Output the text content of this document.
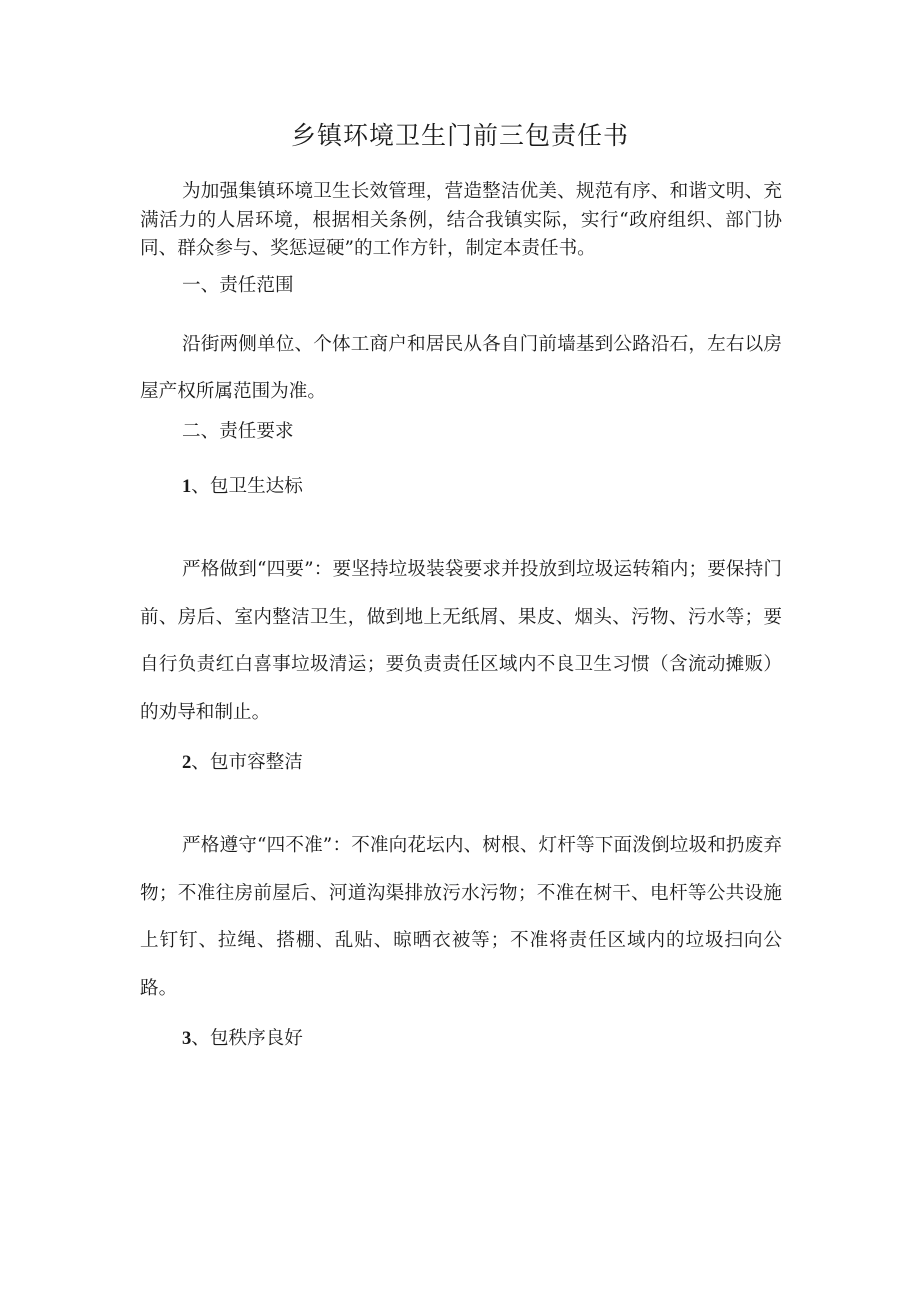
乡镇环境卫生门前三包责任书
为加强集镇环境卫生长效管理，营造整洁优美、规范有序、和谐文明、充满活力的人居环境，根据相关条例，结合我镇实际，实行“政府组织、部门协同、群众参与、奖惩逗硬”的工作方针，制定本责任书。
一、责任范围
沿街两侧单位、个体工商户和居民从各自门前墙基到公路沿石，左右以房屋产权所属范围为准。
二、责任要求
1、包卫生达标
严格做到“四要”：要坚持垃圾装袋要求并投放到垃圾运转箱内；要保持门前、房后、室内整洁卫生，做到地上无纸屑、果皮、烟头、污物、污水等；要自行负责红白喜事垃圾清运；要负责责任区域内不良卫生习惯（含流动摊贩）的劝导和制止。
2、包市容整洁
严格遵守“四不准”：不准向花坛内、树根、灯杆等下面泼倒垃圾和扔废弃物；不准往房前屋后、河道沟渠排放污水污物；不准在树干、电杆等公共设施上钉钉、拉绳、搭棚、乱贴、晾晒衣被等；不准将责任区域内的垃圾扫向公路。
3、包秩序良好
